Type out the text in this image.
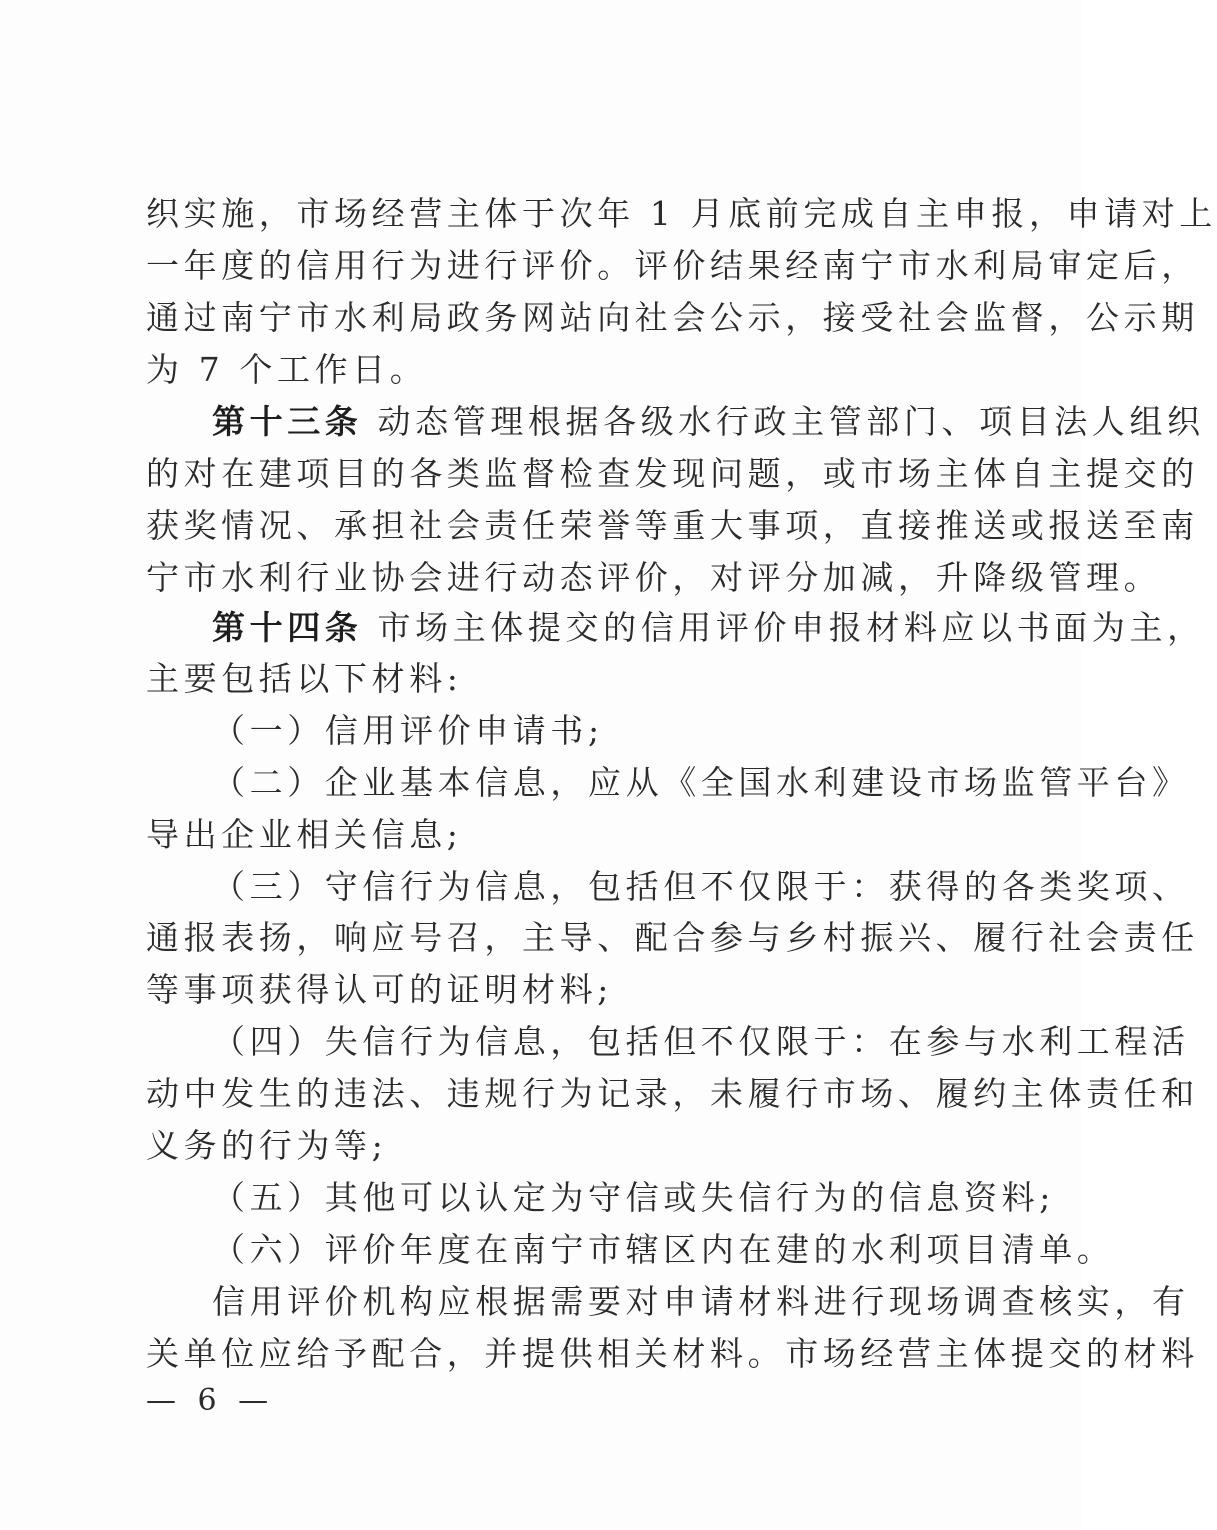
织实施，市场经营主体于次年 1 月底前完成自主申报，申请对上
一年度的信用行为进行评价。评价结果经南宁市水利局审定后，
通过南宁市水利局政务网站向社会公示，接受社会监督，公示期
为 7 个工作日。
第十三条 动态管理根据各级水行政主管部门、项目法人组织
的对在建项目的各类监督检查发现问题，或市场主体自主提交的
获奖情况、承担社会责任荣誉等重大事项，直接推送或报送至南
宁市水利行业协会进行动态评价，对评分加减，升降级管理。
第十四条 市场主体提交的信用评价申报材料应以书面为主，
主要包括以下材料:
（一）信用评价申请书;
（二）企业基本信息，应从《全国水利建设市场监管平台》
导出企业相关信息;
（三）守信行为信息，包括但不仅限于：获得的各类奖项、
通报表扬，响应号召，主导、配合参与乡村振兴、履行社会责任
等事项获得认可的证明材料;
（四）失信行为信息，包括但不仅限于：在参与水利工程活
动中发生的违法、违规行为记录，未履行市场、履约主体责任和
义务的行为等;
（五）其他可以认定为守信或失信行为的信息资料;
（六）评价年度在南宁市辖区内在建的水利项目清单。
信用评价机构应根据需要对申请材料进行现场调查核实，有
关单位应给予配合，并提供相关材料。市场经营主体提交的材料
— 6 —
